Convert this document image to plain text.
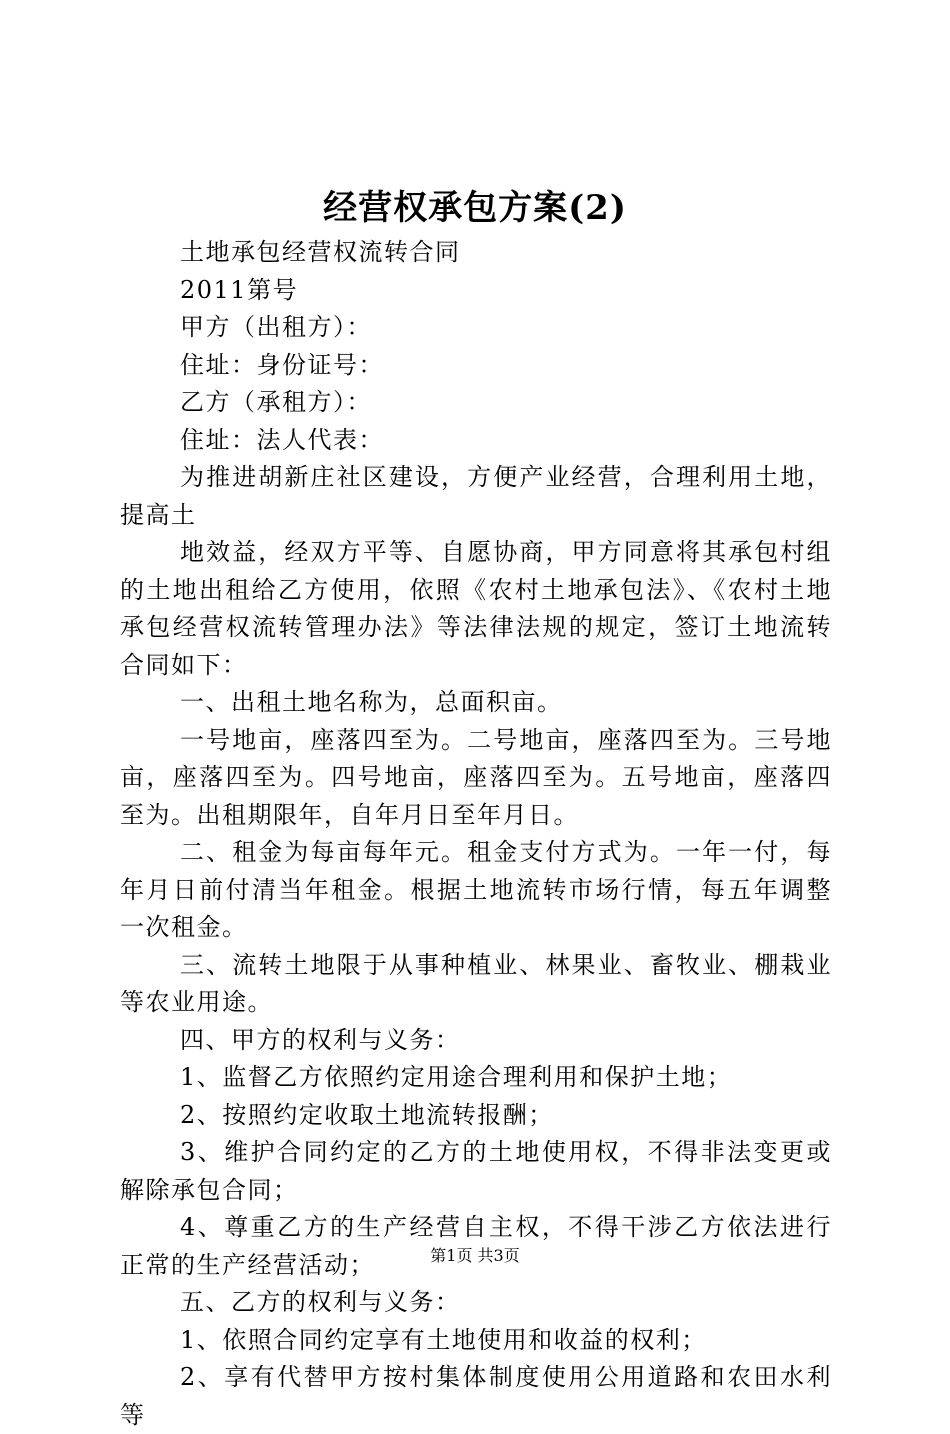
经营权承包方案(2)

土地承包经营权流转合同

2011第号

甲方（出租方）：

住址：身份证号：

乙方（承租方）：

住址：法人代表：

为推进胡新庄社区建设，方便产业经营，合理利用土地，提高土

地效益，经双方平等、自愿协商，甲方同意将其承包村组的土地出租给乙方使用，依照《农村土地承包法》、《农村土地承包经营权流转管理办法》等法律法规的规定，签订土地流转合同如下：

一、出租土地名称为，总面积亩。

一号地亩，座落四至为。二号地亩，座落四至为。三号地亩，座落四至为。四号地亩，座落四至为。五号地亩，座落四至为。出租期限年，自年月日至年月日。

二、租金为每亩每年元。租金支付方式为。一年一付，每年月日前付清当年租金。根据土地流转市场行情，每五年调整一次租金。

三、流转土地限于从事种植业、林果业、畜牧业、棚栽业等农业用途。

四、甲方的权利与义务：

1、监督乙方依照约定用途合理利用和保护土地；

2、按照约定收取土地流转报酬；

3、维护合同约定的乙方的土地使用权，不得非法变更或解除承包合同；

4、尊重乙方的生产经营自主权，不得干涉乙方依法进行正常的生产经营活动；

五、乙方的权利与义务：

1、依照合同约定享有土地使用和收益的权利；

2、享有代替甲方按村集体制度使用公用道路和农田水利等

第1页 共3页
